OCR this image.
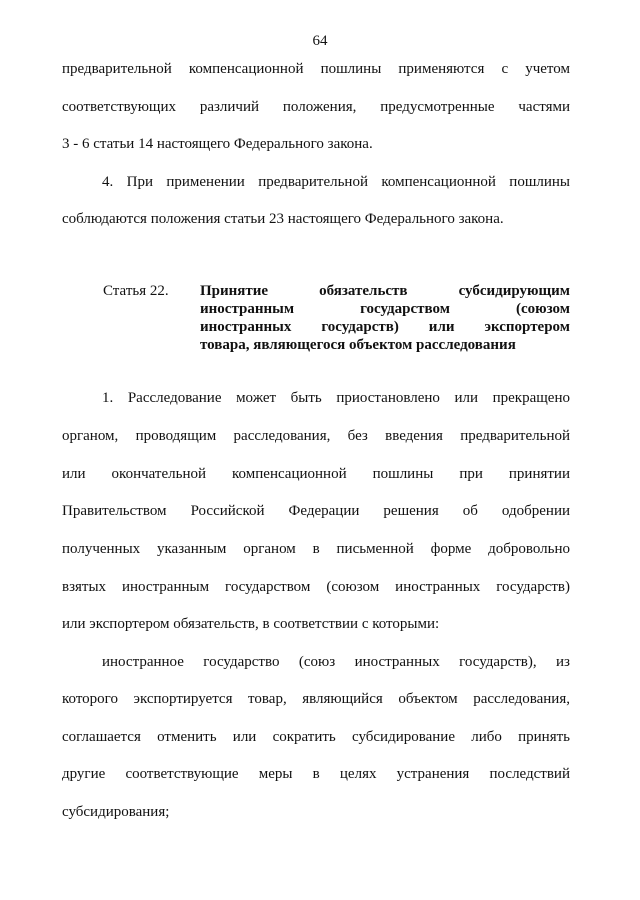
64
предварительной компенсационной пошлины применяются с учетом
соответствующих различий положения, предусмотренные частями
3 - 6 статьи 14 настоящего Федерального закона.
4. При применении предварительной компенсационной пошлины
соблюдаются положения статьи 23 настоящего Федерального закона.
Статья 22. Принятие обязательств субсидирующим
иностранным государством (союзом
иностранных государств) или экспортером
товара, являющегося объектом расследования
1. Расследование может быть приостановлено или прекращено
органом, проводящим расследования, без введения предварительной
или окончательной компенсационной пошлины при принятии
Правительством Российской Федерации решения об одобрении
полученных указанным органом в письменной форме добровольно
взятых иностранным государством (союзом иностранных государств)
или экспортером обязательств, в соответствии с которыми:
иностранное государство (союз иностранных государств), из
которого экспортируется товар, являющийся объектом расследования,
соглашается отменить или сократить субсидирование либо принять
другие соответствующие меры в целях устранения последствий
субсидирования;
